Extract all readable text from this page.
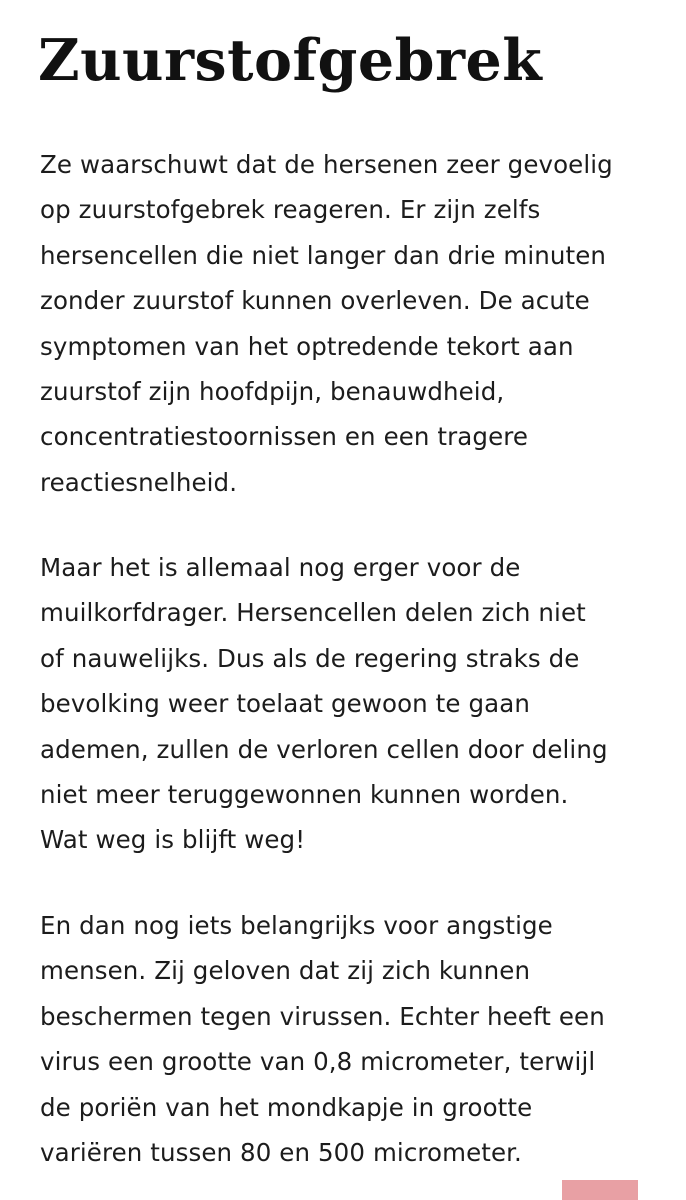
Zuurstofgebrek

Ze waarschuwt dat de hersenen zeer gevoelig
op zuurstofgebrek reageren. Er zijn zelfs
hersencellen die niet langer dan drie minuten
zonder zuurstof kunnen overleven. De acute
symptomen van het optredende tekort aan
zuurstof zijn hoofdpijn, benauwdheid,
concentratiestoornissen en een tragere
reactiesnelheid.

Maar het is allemaal nog erger voor de
muilkorfdrager. Hersencellen delen zich niet
of nauwelijks. Dus als de regering straks de
bevolking weer toelaat gewoon te gaan
ademen, zullen de verloren cellen door deling
niet meer teruggewonnen kunnen worden.
Wat weg is blijft weg!

En dan nog iets belangrijks voor angstige
mensen. Zij geloven dat zij zich kunnen
beschermen tegen virussen. Echter heeft een
virus een grootte van 0,8 micrometer, terwijl
de poriën van het mondkapje in grootte
variëren tussen 80 en 500 micrometer.
